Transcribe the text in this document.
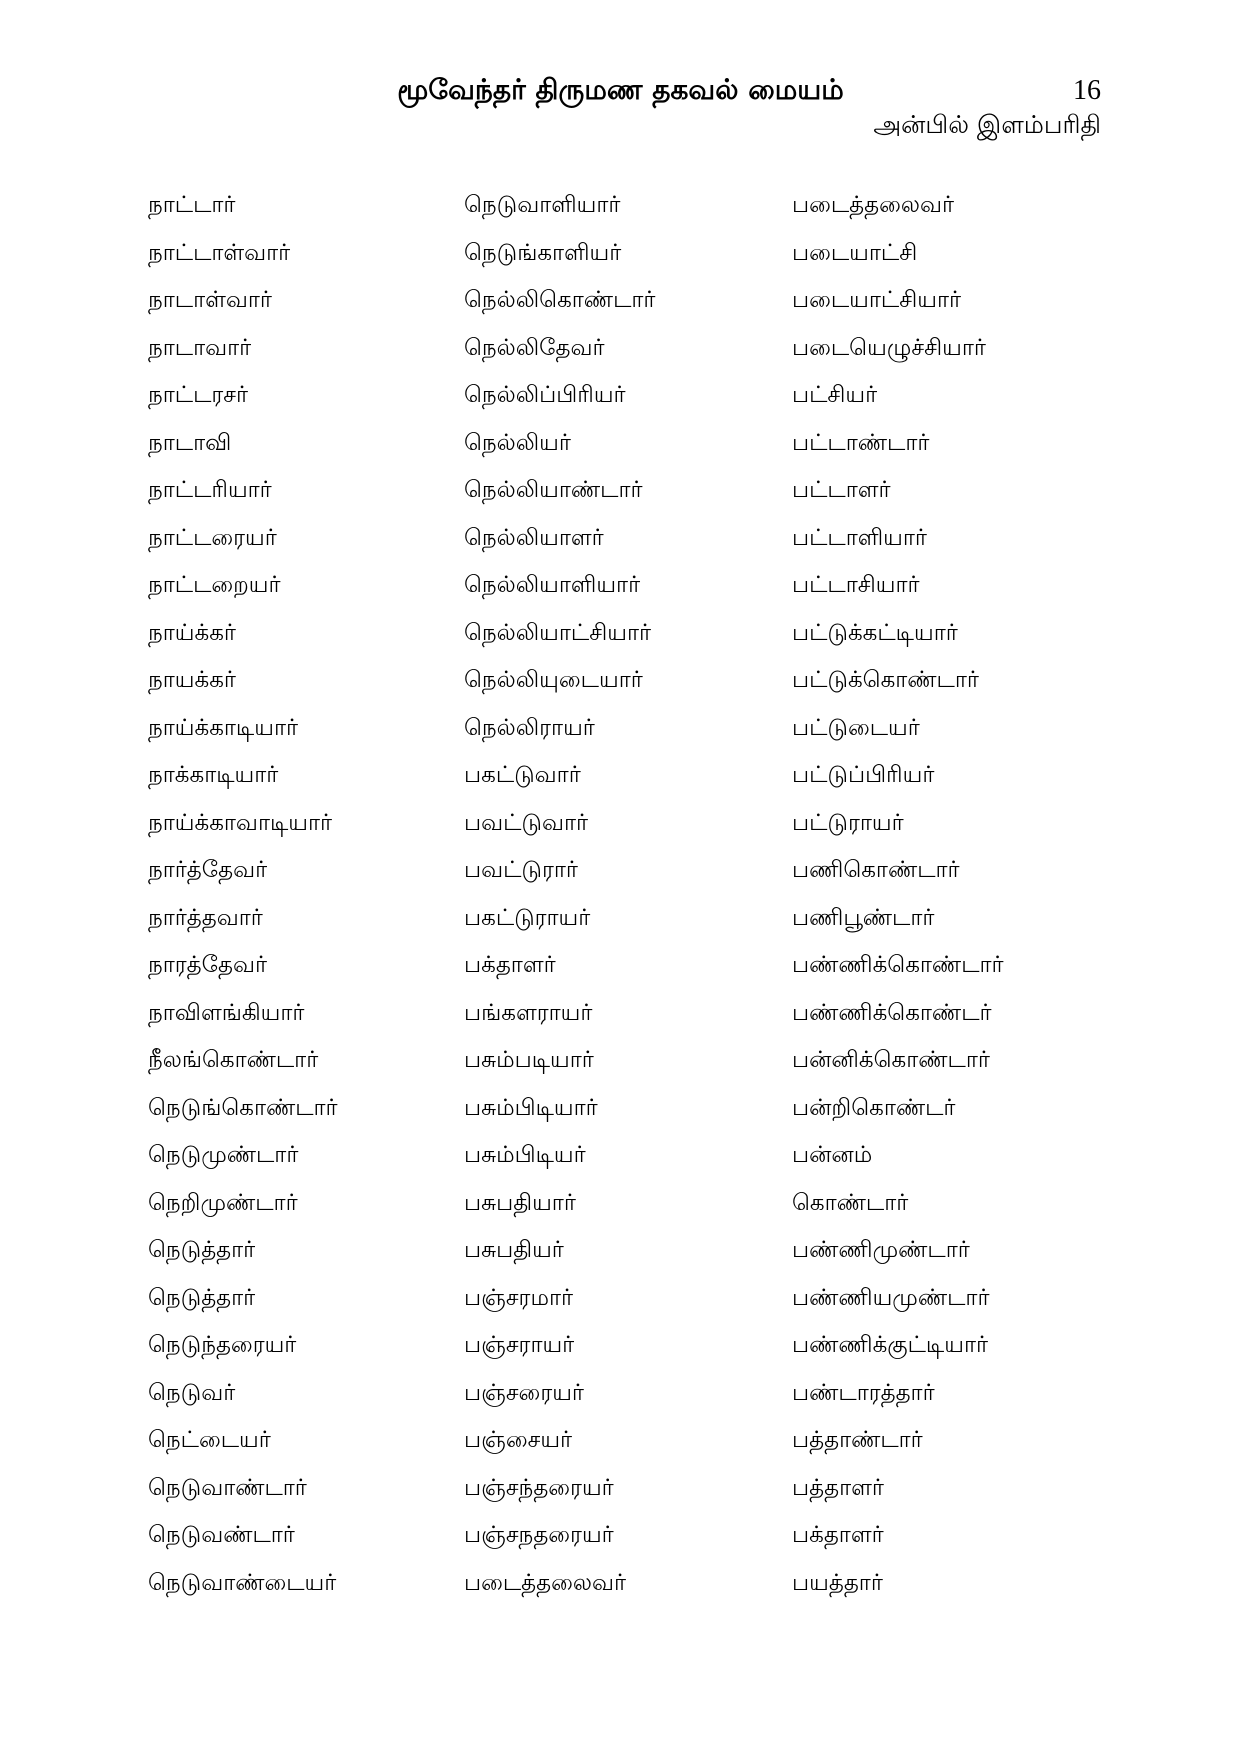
மூவேந்தர் திருமண தகவல் மையம்	16
அன்பில் இளம்பரிதி
நாட்டார்
நாட்டாள்வார்
நாடாள்வார்
நாடாவார்
நாட்டரசர்
நாடாவி
நாட்டரியார்
நாட்டரையர்
நாட்டறையர்
நாய்க்கர்
நாயக்கர்
நாய்க்காடியார்
நாக்காடியார்
நாய்க்காவாடியார்
நார்த்தேவர்
நார்த்தவார்
நாரத்தேவர்
நாவிளங்கியார்
நீலங்கொண்டார்
நெடுங்கொண்டார்
நெடுமுண்டார்
நெறிமுண்டார்
நெடுத்தார்
நெடுத்தார்
நெடுந்தரையர்
நெடுவர்
நெட்டையர்
நெடுவாண்டார்
நெடுவண்டார்
நெடுவாண்டையர்
நெடுவாளியார்
நெடுங்காளியர்
நெல்லிகொண்டார்
நெல்லிதேவர்
நெல்லிப்பிரியர்
நெல்லியர்
நெல்லியாண்டார்
நெல்லியாளர்
நெல்லியாளியார்
நெல்லியாட்சியார்
நெல்லியுடையார்
நெல்லிராயர்
பகட்டுவார்
பவட்டுவார்
பவட்டுரார்
பகட்டுராயர்
பக்தாளர்
பங்களராயர்
பசும்படியார்
பசும்பிடியார்
பசும்பிடியர்
பசுபதியார்
பசுபதியர்
பஞ்சரமார்
பஞ்சராயர்
பஞ்சரையர்
பஞ்சையர்
பஞ்சந்தரையர்
பஞ்சநதரையர்
படைத்தலைவர்
படைத்தலைவர்
படையாட்சி
படையாட்சியார்
படையெழுச்சியார்
பட்சியர்
பட்டாண்டார்
பட்டாளர்
பட்டாளியார்
பட்டாசியார்
பட்டுக்கட்டியார்
பட்டுக்கொண்டார்
பட்டுடையர்
பட்டுப்பிரியர்
பட்டுராயர்
பணிகொண்டார்
பணிபூண்டார்
பண்ணிக்கொண்டார்
பண்ணிக்கொண்டர்
பன்னிக்கொண்டார்
பன்றிகொண்டர்
பன்னம்
கொண்டார்
பண்ணிமுண்டார்
பண்ணியமுண்டார்
பண்ணிக்குட்டியார்
பண்டாரத்தார்
பத்தாண்டார்
பத்தாளர்
பக்தாளர்
பயத்தார்
